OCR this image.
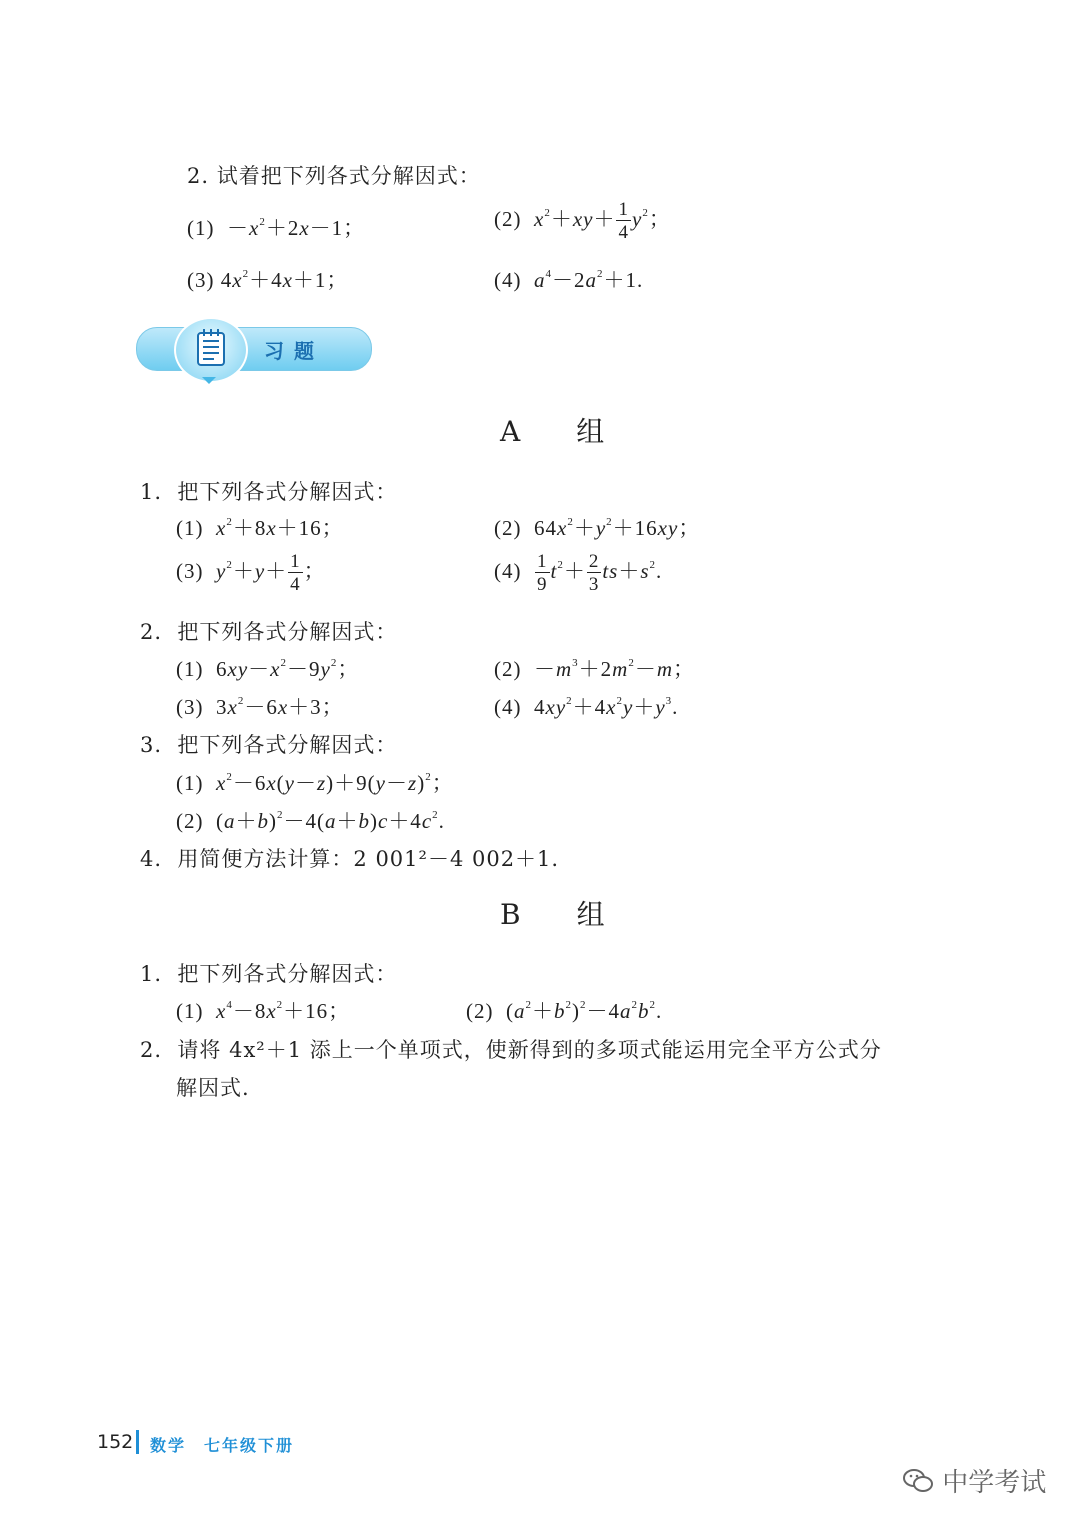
2. 试着把下列各式分解因式：
$(1) -x^2+2x-1$；	(2) $x^2+xy+ \frac{1}{4} y^2$；
(3) $4x^2+4x+1$；	(4) $a^4-2a^2+1$.
习题
A　组
1. 把下列各式分解因式：
(1)  $x^2+8x+16$；	(2)  $64x^2+y^2+16xy$；
(3)  $y^2+y+ \frac{1}{4}$ ；	$(4) \frac{1}{9} t^2+ \frac{2}{3} ts+s^2$.
2. 把下列各式分解因式：
(1)  $6xy-x^2-9y^2$；	$(2) -m^3+2m^2-m$；
(3)  $3x^2-6x+3$；	(4)  $4xy^2+4x^2y+y^3$.
3. 把下列各式分解因式：
(1)  $x^2-6x(y-z)+9(y-z)^2$；
(2)  $(a+b)^2-4(a+b)c+4c^2$.
4. 用简便方法计算：2 001²－4 002＋1.
B　组
1. 把下列各式分解因式：
(1)  $x^4-8x^2+16$；	(2)  $(a^2+b^2)^2-4a^2b^2$.
2. 请将 4x²＋1 添上一个单项式，使新得到的多项式能运用完全平方公式分
解因式.
152 数学　七年级下册
中学考试
